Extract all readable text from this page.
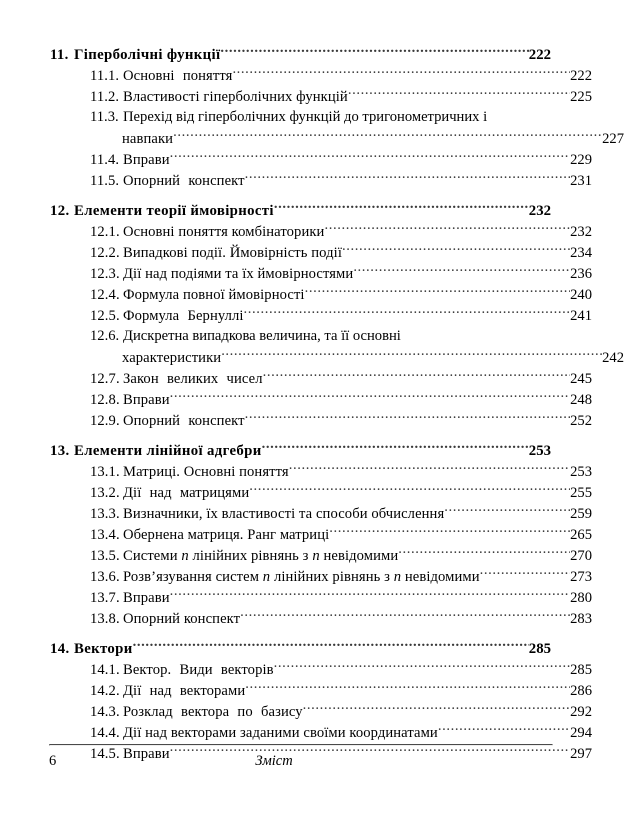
11. Гіперболічні функції .....	222
11.1. Основні поняття .....	222
11.2. Властивості гіперболічних функцій .....	225
11.3. Перехід від гіперболічних функцій до тригонометричних і
навпаки .....	227
11.4. Вправи .....	229
11.5. Опорний конспект .....	231
12. Елементи теорії ймовірності .....	232
12.1. Основні поняття комбінаторики .....	232
12.2. Випадкові події. Ймовірність події .....	234
12.3. Дії над подіями та їх ймовірностями .....	236
12.4. Формула повної ймовірності .....	240
12.5. Формула Бернуллі .....	241
12.6. Дискретна випадкова величина, та її основні
характеристики .....	242
12.7. Закон великих чисел .....	245
12.8. Вправи .....	248
12.9. Опорний конспект .....	252
13. Елементи лінійної адгебри .....	253
13.1. Матриці. Основні поняття .....	253
13.2. Дії над матрицями .....	255
13.3. Визначники, їх властивості та способи обчислення .....	259
13.4. Обернена матриця. Ранг матриці .....	265
13.5. Системи n лінійних рівнянь з n невідомими .....	270
13.6. Розв’язування систем n лінійних рівнянь з n невідомими .....	273
13.7. Вправи .....	280
13.8. Опорний конспект .....	283
14. Вектори .....	285
14.1. Вектор. Види векторів .....	285
14.2. Дії над векторами .....	286
14.3. Розклад вектора по базису .....	292
14.4. Дії над векторами заданими своїми координатами .....	294
14.5. Вправи .....	297
6	Зміст
